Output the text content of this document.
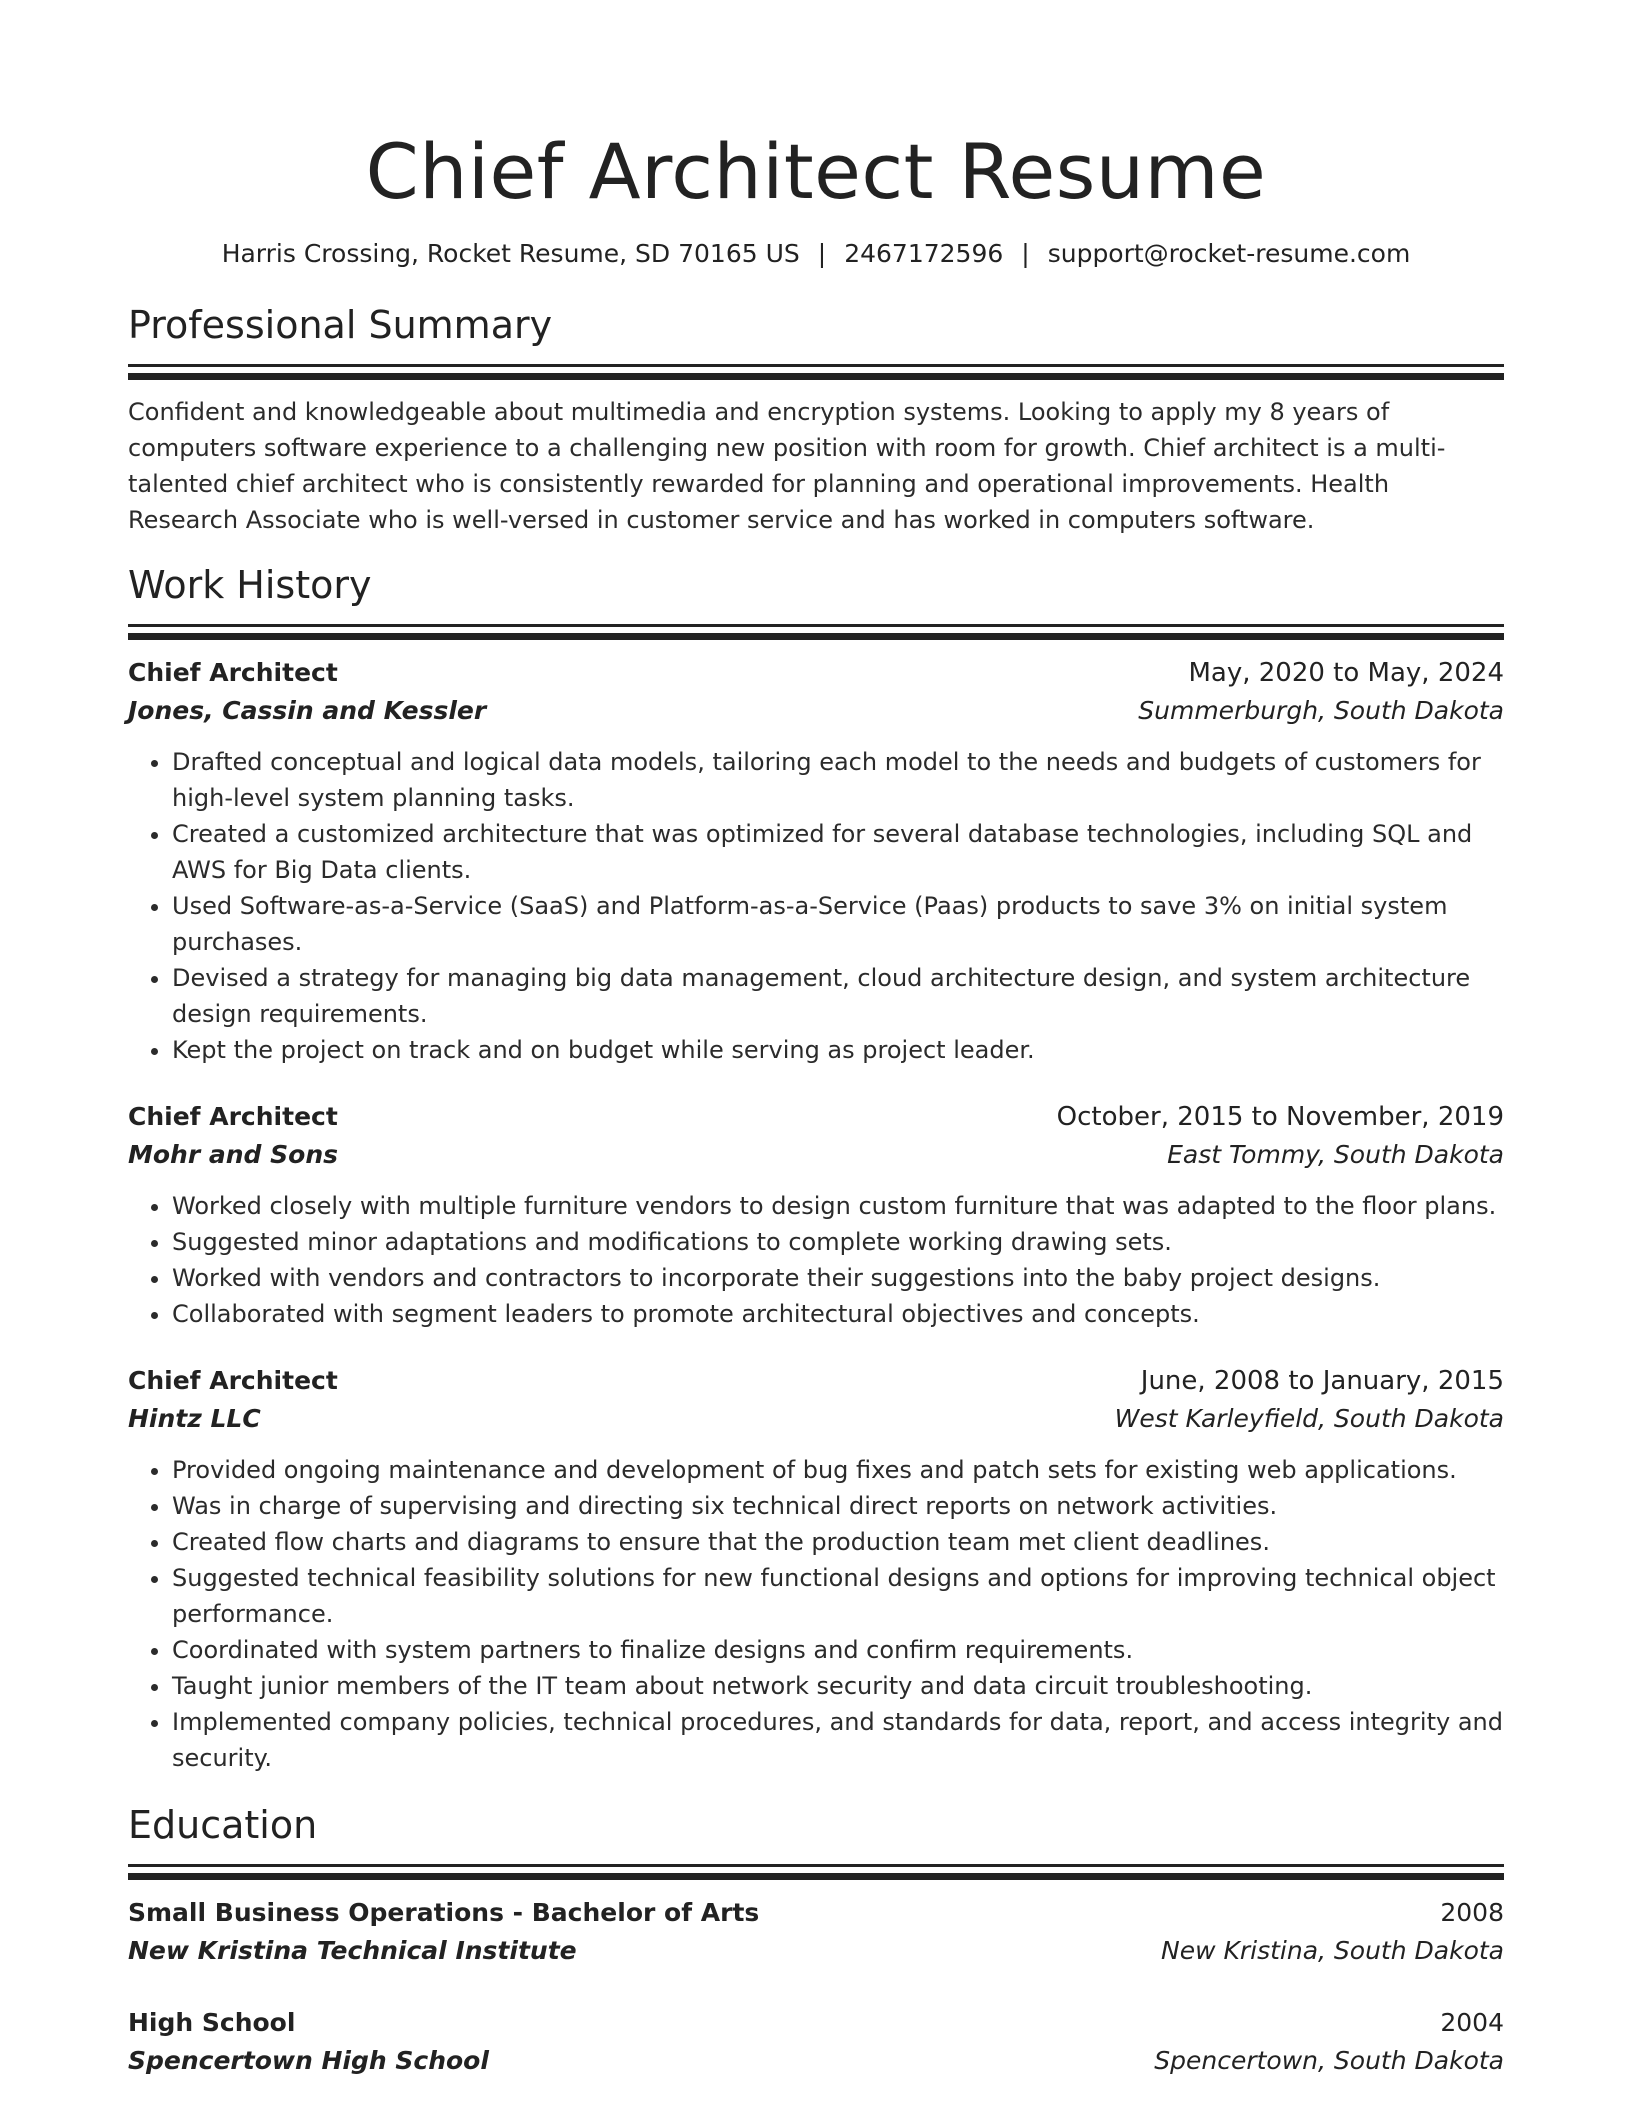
Chief Architect Resume
Harris Crossing, Rocket Resume, SD 70165 US | 2467172596 | support@rocket-resume.com
Professional Summary

Confident and knowledgeable about multimedia and encryption systems. Looking to apply my 8 years of computers software experience to a challenging new position with room for growth. Chief architect is a multi-talented chief architect who is consistently rewarded for planning and operational improvements. Health Research Associate who is well-versed in customer service and has worked in computers software.

Work History
Chief Architect	May, 2020 to May, 2024
Jones, Cassin and Kessler	Summerburgh, South Dakota
• Drafted conceptual and logical data models, tailoring each model to the needs and budgets of customers for high-level system planning tasks.
• Created a customized architecture that was optimized for several database technologies, including SQL and AWS for Big Data clients.
• Used Software-as-a-Service (SaaS) and Platform-as-a-Service (Paas) products to save 3% on initial system purchases.
• Devised a strategy for managing big data management, cloud architecture design, and system architecture design requirements.
• Kept the project on track and on budget while serving as project leader.
Chief Architect	October, 2015 to November, 2019
Mohr and Sons	East Tommy, South Dakota
• Worked closely with multiple furniture vendors to design custom furniture that was adapted to the floor plans.
• Suggested minor adaptations and modifications to complete working drawing sets.
• Worked with vendors and contractors to incorporate their suggestions into the baby project designs.
• Collaborated with segment leaders to promote architectural objectives and concepts.
Chief Architect	June, 2008 to January, 2015
Hintz LLC	West Karleyfield, South Dakota
• Provided ongoing maintenance and development of bug fixes and patch sets for existing web applications.
• Was in charge of supervising and directing six technical direct reports on network activities.
• Created flow charts and diagrams to ensure that the production team met client deadlines.
• Suggested technical feasibility solutions for new functional designs and options for improving technical object performance.
• Coordinated with system partners to finalize designs and confirm requirements.
• Taught junior members of the IT team about network security and data circuit troubleshooting.
• Implemented company policies, technical procedures, and standards for data, report, and access integrity and security.
Education
Small Business Operations - Bachelor of Arts	2008
New Kristina Technical Institute	New Kristina, South Dakota
High School	2004
Spencertown High School	Spencertown, South Dakota
